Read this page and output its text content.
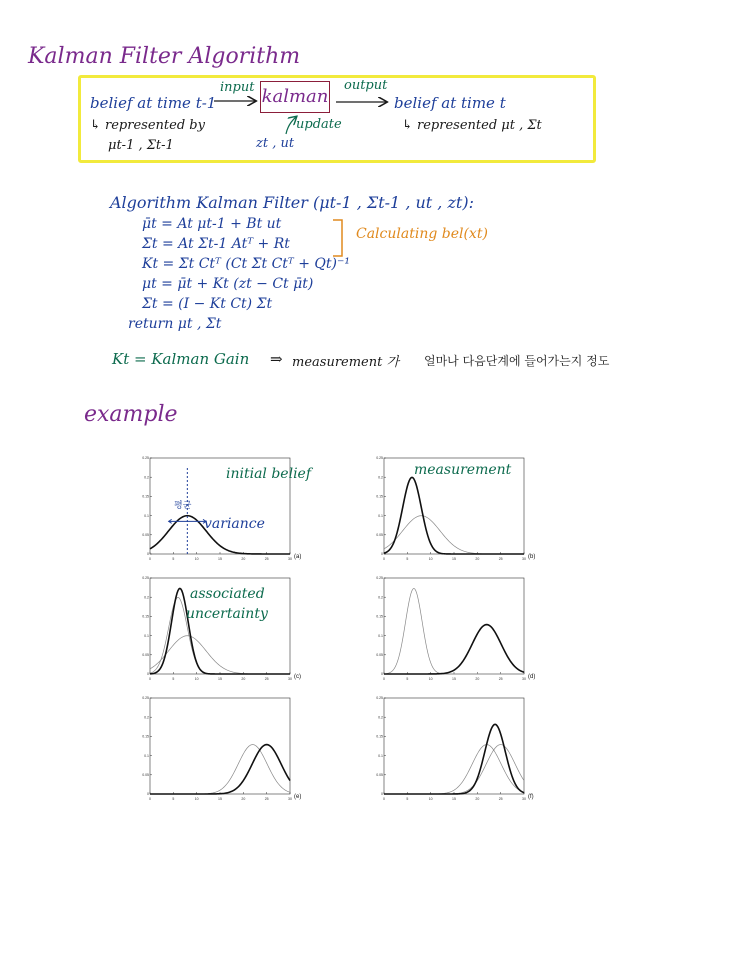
Kalman Filter Algorithm
kalman
belief at time t-1
↳ represented by
μt-1 , Σt-1
input	output
update
zt , ut
belief at time t
↳ represented μt , Σt
Algorithm Kalman Filter (μt-1 , Σt-1 , ut , zt):
μ̄t = At μt-1 + Bt ut
Σ̄t = At Σt-1 Atᵀ + Rt
Kt = Σ̄t Ctᵀ (Ct Σ̄t Ctᵀ + Qt)⁻¹
μt = μ̄t + Kt (zt − Ct μ̄t)
Σt = (I − Kt Ct) Σ̄t
return μt , Σt
Calculating bel(xt)
Kt = Kalman Gain ⇒ measurement 가 얼마나 다음단계에 들어가는지 정도
example
0	5	10	15	20	25	30
0
0.05
0.1
0.15
0.2
0.25
(a)	0	5	10	15	20	25	30
0
0.05
0.1
0.15
0.2
0.25
(b)
0	5	10	15	20	25	30
0
0.05
0.1
0.15
0.2
0.25
(c)	0	5	10	15	20	25	30
0
0.05
0.1
0.15
0.2
0.25
(d)
0	5	10	15	20	25	30
0
0.05
0.1
0.15
0.2
0.25
(e)	0	5	10	15	20	25	30
0
0.05
0.1
0.15
0.2
0.25
(f)
initial belief
평균
variance
measurement
associated
uncertainty
